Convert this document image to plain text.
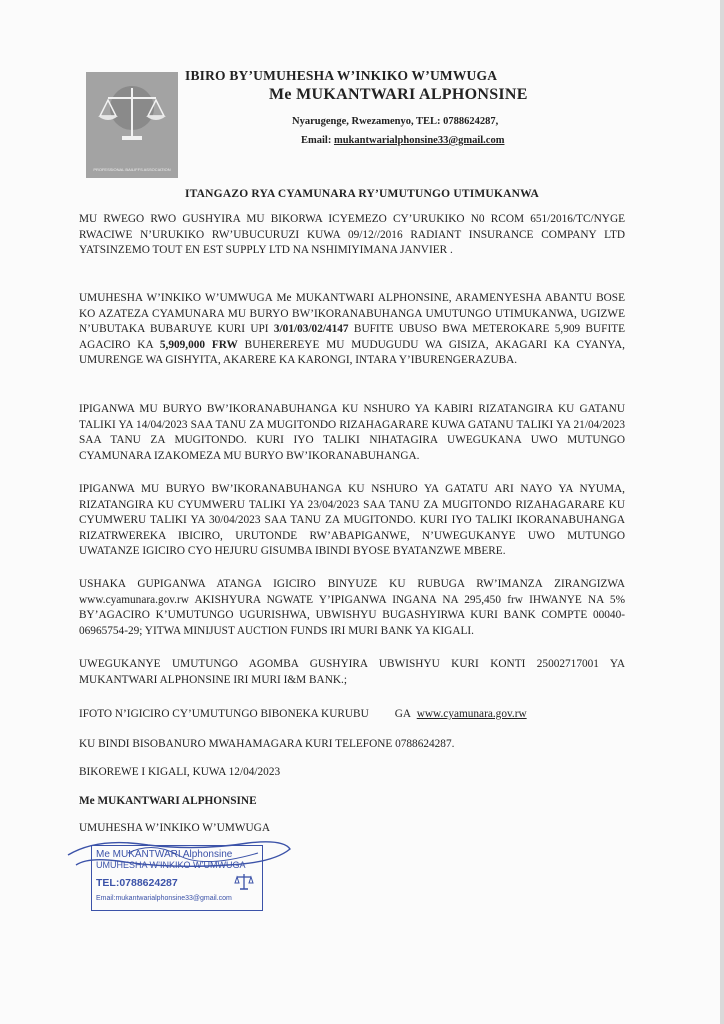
PROFESSIONAL BAILIFFS ASSOCIATION
IBIRO BY’UMUHESHA W’INKIKO W’UMWUGA
Me MUKANTWARI ALPHONSINE
Nyarugenge, Rwezamenyo, TEL: 0788624287,
Email: mukantwarialphonsine33@gmail.com
ITANGAZO RYA CYAMUNARA RY’UMUTUNGO UTIMUKANWA
MU RWEGO RWO GUSHYIRA MU BIKORWA ICYEMEZO CY’URUKIKO N0 RCOM 651/2016/TC/NYGE RWACIWE N’URUKIKO RW’UBUCURUZI KUWA 09/12//2016 RADIANT INSURANCE COMPANY LTD YATSINZEMO TOUT EN EST SUPPLY LTD NA NSHIMIYIMANA JANVIER .
UMUHESHA W’INKIKO W’UMWUGA Me MUKANTWARI ALPHONSINE, ARAMENYESHA ABANTU BOSE KO AZATEZA CYAMUNARA MU BURYO BW’IKORANABUHANGA UMUTUNGO UTIMUKANWA, UGIZWE N’UBUTAKA BUBARUYE KURI UPI 3/01/03/02/4147 BUFITE UBUSO BWA METEROKARE 5,909 BUFITE AGACIRO KA 5,909,000 FRW BUHEREREYE MU MUDUGUDU WA GISIZA, AKAGARI KA CYANYA, UMURENGE WA GISHYITA, AKARERE KA KARONGI, INTARA Y’IBURENGERAZUBA.
IPIGANWA MU BURYO BW’IKORANABUHANGA KU NSHURO YA KABIRI RIZATANGIRA KU GATANU TALIKI YA 14/04/2023 SAA TANU ZA MUGITONDO RIZAHAGARARE KUWA GATANU TALIKI YA 21/04/2023 SAA TANU ZA MUGITONDO. KURI IYO TALIKI NIHATAGIRA UWEGUKANA UWO MUTUNGO CYAMUNARA IZAKOMEZA MU BURYO BW’IKORANABUHANGA.
IPIGANWA MU BURYO BW’IKORANABUHANGA KU NSHURO YA GATATU ARI NAYO YA NYUMA, RIZATANGIRA KU CYUMWERU TALIKI YA 23/04/2023 SAA TANU ZA MUGITONDO RIZAHAGARARE KU CYUMWERU TALIKI YA 30/04/2023 SAA TANU ZA MUGITONDO. KURI IYO TALIKI IKORANABUHANGA RIZATRWEREKA IBICIRO, URUTONDE RW’ABAPIGANWE, N’UWEGUKANYE UWO MUTUNGO UWATANZE IGICIRO CYO HEJURU GISUMBA IBINDI BYOSE BYATANZWE MBERE.
USHAKA GUPIGANWA ATANGA IGICIRO BINYUZE KU RUBUGA RW’IMANZA ZIRANGIZWA www.cyamunara.gov.rw AKISHYURA NGWATE Y’IPIGANWA INGANA NA 295,450 frw IHWANYE NA 5% BY’AGACIRO K’UMUTUNGO UGURISHWA, UBWISHYU BUGASHYIRWA KURI BANK COMPTE 00040-06965754-29; YITWA MINIJUST AUCTION FUNDS IRI MURI BANK YA KIGALI.
UWEGUKANYE UMUTUNGO AGOMBA GUSHYIRA UBWISHYU KURI KONTI 25002717001 YA MUKANTWARI ALPHONSINE IRI MURI I&M BANK.;
IFOTO N’IGICIRO CY’UMUTUNGO BIBONEKA KURUBU GA www.cyamunara.gov.rw
KU BINDI BISOBANURO MWAHAMAGARA KURI TELEFONE 0788624287.
BIKOREWE I KIGALI, KUWA 12/04/2023
Me MUKANTWARI ALPHONSINE
UMUHESHA W’INKIKO W’UMWUGA
Me MUKANTWARI Alphonsine
UMUHESHA W’INKIKO W’UMWUGA
TEL:0788624287
Email:mukantwarialphonsine33@gmail.com
